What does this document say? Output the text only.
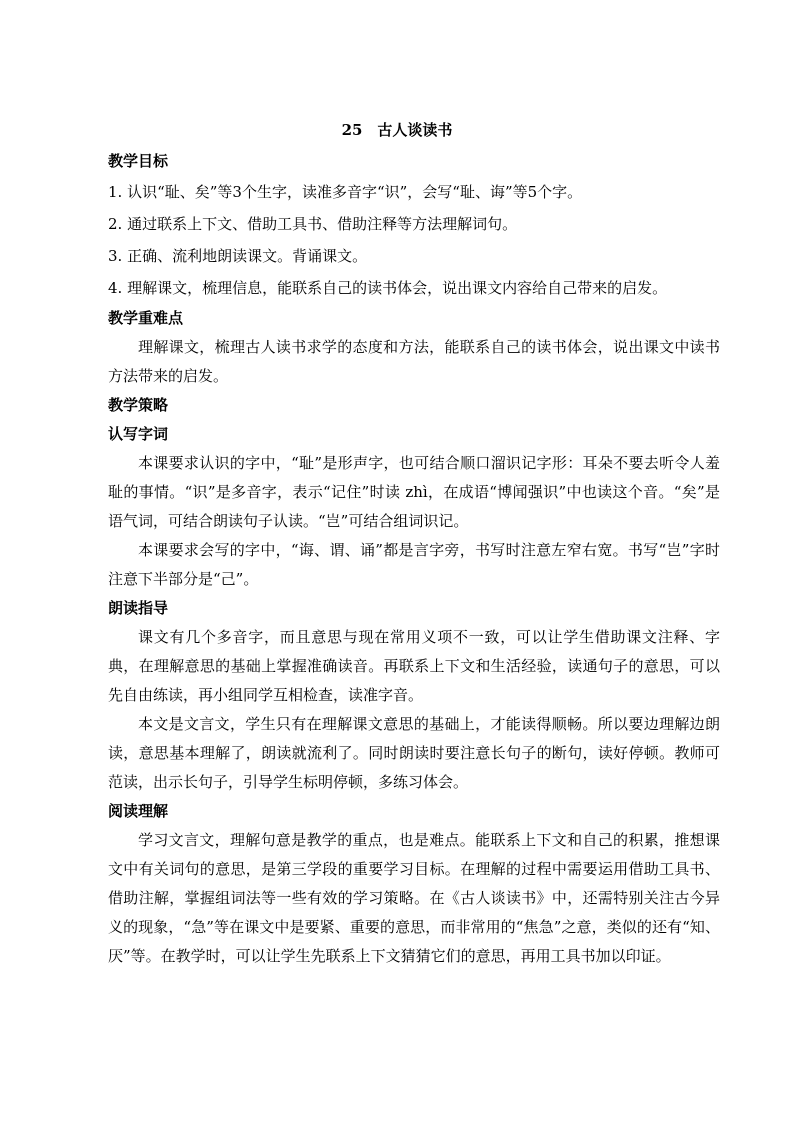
25　古人谈读书
教学目标
1. 认识“耻、矣”等3个生字，读准多音字“识”，会写“耻、诲”等5个字。
2. 通过联系上下文、借助工具书、借助注释等方法理解词句。
3. 正确、流利地朗读课文。背诵课文。
4. 理解课文，梳理信息，能联系自己的读书体会，说出课文内容给自己带来的启发。
教学重难点

理解课文，梳理古人读书求学的态度和方法，能联系自己的读书体会，说出课文中读书方法带来的启发。

教学策略
认写字词

本课要求认识的字中，“耻”是形声字，也可结合顺口溜识记字形：耳朵不要去听令人羞耻的事情。“识”是多音字，表示“记住”时读 zhì，在成语“博闻强识”中也读这个音。“矣”是语气词，可结合朗读句子认读。“岂”可结合组词识记。

本课要求会写的字中，“诲、谓、诵”都是言字旁，书写时注意左窄右宽。书写“岂”字时注意下半部分是“己”。

朗读指导

课文有几个多音字，而且意思与现在常用义项不一致，可以让学生借助课文注释、字典，在理解意思的基础上掌握准确读音。再联系上下文和生活经验，读通句子的意思，可以先自由练读，再小组同学互相检查，读准字音。

本文是文言文，学生只有在理解课文意思的基础上，才能读得顺畅。所以要边理解边朗读，意思基本理解了，朗读就流利了。同时朗读时要注意长句子的断句，读好停顿。教师可范读，出示长句子，引导学生标明停顿，多练习体会。

阅读理解

学习文言文，理解句意是教学的重点，也是难点。能联系上下文和自己的积累，推想课文中有关词句的意思，是第三学段的重要学习目标。在理解的过程中需要运用借助工具书、借助注解，掌握组词法等一些有效的学习策略。在《古人谈读书》中，还需特别关注古今异义的现象，“急”等在课文中是要紧、重要的意思，而非常用的“焦急”之意，类似的还有“知、厌”等。在教学时，可以让学生先联系上下文猜猜它们的意思，再用工具书加以印证。
